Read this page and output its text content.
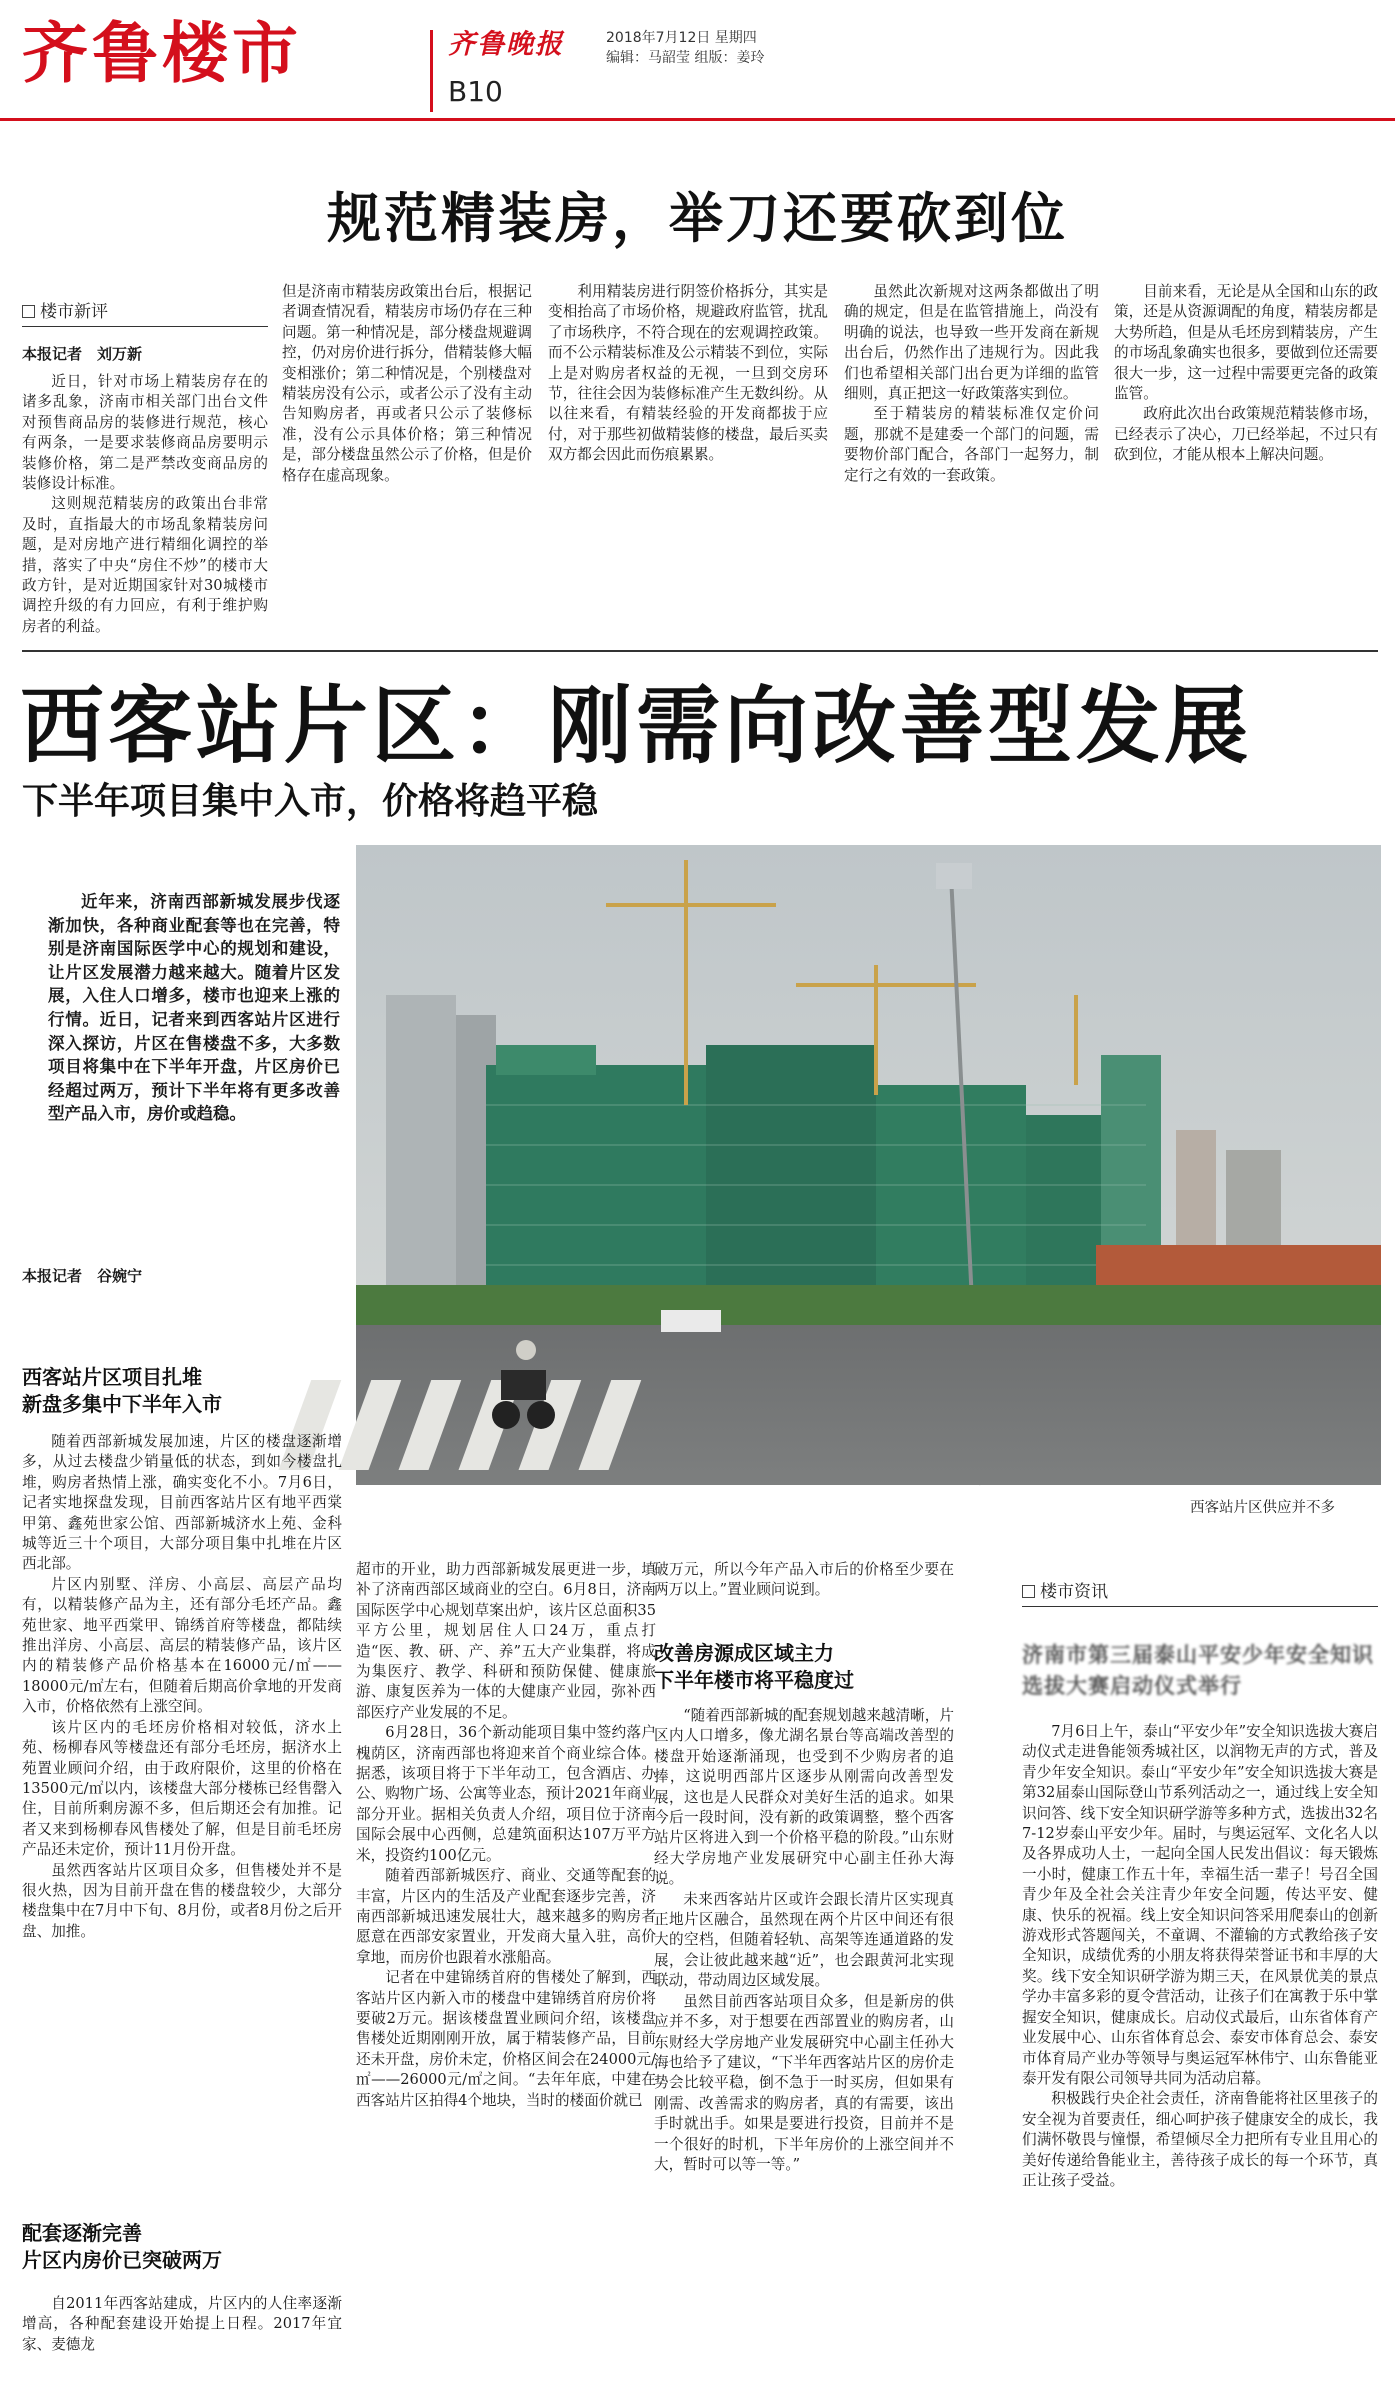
齐鲁楼市	齐鲁晚报
B10
2018年7月12日 星期四
编辑：马韶莹 组版：姜玲
规范精装房，举刀还要砍到位
楼市新评
本报记者　刘万新

近日，针对市场上精装房存在的诸多乱象，济南市相关部门出台文件对预售商品房的装修进行规范，核心有两条，一是要求装修商品房要明示装修价格，第二是严禁改变商品房的装修设计标准。

这则规范精装房的政策出台非常及时，直指最大的市场乱象精装房问题，是对房地产进行精细化调控的举措，落实了中央“房住不炒”的楼市大政方针，是对近期国家针对30城楼市调控升级的有力回应，有利于维护购房者的利益。

但是济南市精装房政策出台后，根据记者调查情况看，精装房市场仍存在三种问题。第一种情况是，部分楼盘规避调控，仍对房价进行拆分，借精装修大幅变相涨价；第二种情况是，个别楼盘对精装房没有公示，或者公示了没有主动告知购房者，再或者只公示了装修标准，没有公示具体价格；第三种情况是，部分楼盘虽然公示了价格，但是价格存在虚高现象。

利用精装房进行阴签价格拆分，其实是变相抬高了市场价格，规避政府监管，扰乱了市场秩序，不符合现在的宏观调控政策。而不公示精装标准及公示精装不到位，实际上是对购房者权益的无视，一旦到交房环节，往往会因为装修标准产生无数纠纷。从以往来看，有精装经验的开发商都拔于应付，对于那些初做精装修的楼盘，最后买卖双方都会因此而伤痕累累。

虽然此次新规对这两条都做出了明确的规定，但是在监管措施上，尚没有明确的说法，也导致一些开发商在新规出台后，仍然作出了违规行为。因此我们也希望相关部门出台更为详细的监管细则，真正把这一好政策落实到位。

至于精装房的精装标准仅定价问题，那就不是建委一个部门的问题，需要物价部门配合，各部门一起努力，制定行之有效的一套政策。

目前来看，无论是从全国和山东的政策，还是从资源调配的角度，精装房都是大势所趋，但是从毛坯房到精装房，产生的市场乱象确实也很多，要做到位还需要很大一步，这一过程中需要更完备的政策监管。

政府此次出台政策规范精装修市场，已经表示了决心，刀已经举起，不过只有砍到位，才能从根本上解决问题。

西客站片区：刚需向改善型发展
下半年项目集中入市，价格将趋平稳

近年来，济南西部新城发展步伐逐渐加快，各种商业配套等也在完善，特别是济南国际医学中心的规划和建设，让片区发展潜力越来越大。随着片区发展，入住人口增多，楼市也迎来上涨的行情。近日，记者来到西客站片区进行深入探访，片区在售楼盘不多，大多数项目将集中在下半年开盘，片区房价已经超过两万，预计下半年将有更多改善型产品入市，房价或趋稳。

本报记者　谷婉宁
西客站片区供应并不多
西客站片区项目扎堆
新盘多集中下半年入市

随着西部新城发展加速，片区的楼盘逐渐增多，从过去楼盘少销量低的状态，到如今楼盘扎堆，购房者热情上涨，确实变化不小。7月6日，记者实地探盘发现，目前西客站片区有地平西棠甲第、鑫苑世家公馆、西部新城济水上苑、金科城等近三十个项目，大部分项目集中扎堆在片区西北部。

片区内别墅、洋房、小高层、高层产品均有，以精装修产品为主，还有部分毛坯产品。鑫苑世家、地平西棠甲、锦绣首府等楼盘，都陆续推出洋房、小高层、高层的精装修产品，该片区内的精装修产品价格基本在16000元/㎡——18000元/㎡左右，但随着后期高价拿地的开发商入市，价格依然有上涨空间。

该片区内的毛坯房价格相对较低，济水上苑、杨柳春风等楼盘还有部分毛坯房，据济水上苑置业顾问介绍，由于政府限价，这里的价格在13500元/㎡以内，该楼盘大部分楼栋已经售罄入住，目前所剩房源不多，但后期还会有加推。记者又来到杨柳春风售楼处了解，但是目前毛坯房产品还未定价，预计11月份开盘。

虽然西客站片区项目众多，但售楼处并不是很火热，因为目前开盘在售的楼盘较少，大部分楼盘集中在7月中下旬、8月份，或者8月份之后开盘、加推。

配套逐渐完善
片区内房价已突破两万

自2011年西客站建成，片区内的人住率逐渐增高，各种配套建设开始提上日程。2017年宜家、麦德龙

超市的开业，助力西部新城发展更进一步，填补了济南西部区域商业的空白。6月8日，济南国际医学中心规划草案出炉，该片区总面积35平方公里，规划居住人口24万，重点打造“医、教、研、产、养”五大产业集群，将成为集医疗、教学、科研和预防保健、健康旅游、康复医养为一体的大健康产业园，弥补西部医疗产业发展的不足。

6月28日，36个新动能项目集中签约落户槐荫区，济南西部也将迎来首个商业综合体。据悉，该项目将于下半年动工，包含酒店、办公、购物广场、公寓等业态，预计2021年商业部分开业。据相关负责人介绍，项目位于济南国际会展中心西侧，总建筑面积达107万平方米，投资约100亿元。

随着西部新城医疗、商业、交通等配套的丰富，片区内的生活及产业配套逐步完善，济南西部新城迅速发展壮大，越来越多的购房者愿意在西部安家置业，开发商大量入驻，高价拿地，而房价也跟着水涨船高。

记者在中建锦绣首府的售楼处了解到，西客站片区内新入市的楼盘中建锦绣首府房价将要破2万元。据该楼盘置业顾问介绍，该楼盘售楼处近期刚刚开放，属于精装修产品，目前还未开盘，房价未定，价格区间会在24000元/㎡——26000元/㎡之间。“去年年底，中建在西客站片区拍得4个地块，当时的楼面价就已

破万元，所以今年产品入市后的价格至少要在两万以上。”置业顾问说到。

改善房源成区域主力
下半年楼市将平稳度过

“随着西部新城的配套规划越来越清晰，片区内人口增多，像尤湖名景台等高端改善型的楼盘开始逐渐涌现，也受到不少购房者的追捧，这说明西部片区逐步从刚需向改善型发展，这也是人民群众对美好生活的追求。如果今后一段时间，没有新的政策调整，整个西客站片区将进入到一个价格平稳的阶段。”山东财经大学房地产业发展研究中心副主任孙大海说。

未来西客站片区或许会跟长清片区实现真正地片区融合，虽然现在两个片区中间还有很大的空档，但随着轻轨、高架等连通道路的发展，会让彼此越来越“近”，也会跟黄河北实现联动，带动周边区域发展。

虽然目前西客站项目众多，但是新房的供应并不多，对于想要在西部置业的购房者，山东财经大学房地产业发展研究中心副主任孙大海也给予了建议，“下半年西客站片区的房价走势会比较平稳，倒不急于一时买房，但如果有刚需、改善需求的购房者，真的有需要，该出手时就出手。如果是要进行投资，目前并不是一个很好的时机，下半年房价的上涨空间并不大，暂时可以等一等。”

楼市资讯
济南市第三届泰山平安少年安全知识选拔大赛启动仪式举行

7月6日上午，泰山“平安少年”安全知识选拔大赛启动仪式走进鲁能领秀城社区，以润物无声的方式，普及青少年安全知识。泰山“平安少年”安全知识选拔大赛是第32届泰山国际登山节系列活动之一，通过线上安全知识问答、线下安全知识研学游等多种方式，选拔出32名7-12岁泰山平安少年。届时，与奥运冠军、文化名人以及各界成功人士，一起向全国人民发出倡议：每天锻炼一小时，健康工作五十年，幸福生活一辈子！号召全国青少年及全社会关注青少年安全问题，传达平安、健康、快乐的祝福。线上安全知识问答采用爬泰山的创新游戏形式答题闯关，不童调、不灌输的方式教给孩子安全知识，成绩优秀的小朋友将获得荣誉证书和丰厚的大奖。线下安全知识研学游为期三天，在风景优美的景点学办丰富多彩的夏令营活动，让孩子们在寓教于乐中掌握安全知识，健康成长。启动仪式最后，山东省体育产业发展中心、山东省体育总会、泰安市体育总会、泰安市体育局产业办等领导与奥运冠军林伟宁、山东鲁能亚泰开发有限公司领导共同为活动启幕。

积极践行央企社会责任，济南鲁能将社区里孩子的安全视为首要责任，细心呵护孩子健康安全的成长，我们满怀敬畏与憧憬，希望倾尽全力把所有专业且用心的美好传递给鲁能业主，善待孩子成长的每一个环节，真正让孩子受益。
